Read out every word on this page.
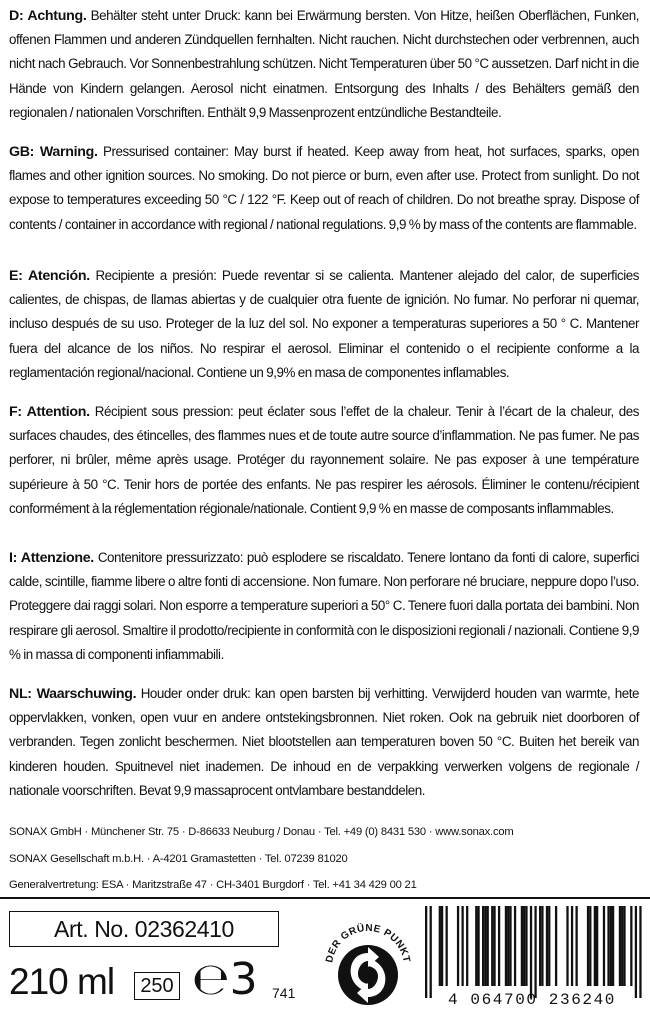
D: Achtung. Behälter steht unter Druck: kann bei Erwärmung bersten. Von Hitze, heißen Oberflächen, Funken, offenen Flammen und anderen Zündquellen fernhalten. Nicht rauchen. Nicht durchstechen oder verbrennen, auch nicht nach Gebrauch. Vor Sonnenbestrahlung schützen. Nicht Temperaturen über 50 °C aussetzen. Darf nicht in die Hände von Kindern gelangen. Aerosol nicht einatmen. Entsorgung des Inhalts / des Behälters gemäß den regionalen / nationalen Vorschriften. Enthält 9,9 Massenprozent entzündliche Bestandteile.
GB: Warning. Pressurised container: May burst if heated. Keep away from heat, hot surfaces, sparks, open flames and other ignition sources. No smoking. Do not pierce or burn, even after use. Protect from sunlight. Do not expose to temperatures exceeding 50 °C / 122 °F. Keep out of reach of children. Do not breathe spray. Dispose of contents / container in accordance with regional / national regulations. 9,9 % by mass of the contents are flammable.
E: Atención. Recipiente a presión: Puede reventar si se calienta. Mantener alejado del calor, de superficies calientes, de chispas, de llamas abiertas y de cualquier otra fuente de ignición. No fumar. No perforar ni quemar, incluso después de su uso. Proteger de la luz del sol. No exponer a temperaturas superiores a 50 ° C. Mantener fuera del alcance de los niños. No respirar el aerosol. Eliminar el contenido o el recipiente conforme a la reglamentación regional/nacional. Contiene un 9,9% en masa de componentes inflamables.
F: Attention. Récipient sous pression: peut éclater sous l’effet de la chaleur. Tenir à l’écart de la chaleur, des surfaces chaudes, des étincelles, des flammes nues et de toute autre source d’inflammation. Ne pas fumer. Ne pas perforer, ni brûler, même après usage. Protéger du rayonnement solaire. Ne pas exposer à une température supérieure à 50 °C. Tenir hors de portée des enfants. Ne pas respirer les aérosols. Éliminer le contenu/récipient conformément à la réglementation régionale/nationale. Contient 9,9 % en masse de composants inflammables.
I: Attenzione. Contenitore pressurizzato: può esplodere se riscaldato. Tenere lontano da fonti di calore, superfici calde, scintille, fiamme libere o altre fonti di accensione. Non fumare. Non perforare né bruciare, neppure dopo l’uso. Proteggere dai raggi solari. Non esporre a temperature superiori a 50° C. Tenere fuori dalla portata dei bambini. Non respirare gli aerosol. Smaltire il prodotto/recipiente in conformità con le disposizioni regionali / nazionali. Contiene 9,9 % in massa di componenti infiammabili.
NL: Waarschuwing. Houder onder druk: kan open barsten bij verhitting. Verwijderd houden van warmte, hete oppervlakken, vonken, open vuur en andere ontstekingsbronnen. Niet roken. Ook na gebruik niet doorboren of verbranden. Tegen zonlicht beschermen. Niet blootstellen aan temperaturen boven 50 °C. Buiten het bereik van kinderen houden. Spuitnevel niet inademen. De inhoud en de verpakking verwerken volgens de regionale / nationale voorschriften. Bevat 9,9 massaprocent ontvlambare bestanddelen.
SONAX GmbH · Münchener Str. 75 · D-86633 Neuburg / Donau · Tel. +49 (0) 8431 530 · www.sonax.com
SONAX Gesellschaft m.b.H. · A-4201 Gramastetten · Tel. 07239 81020
Generalvertretung: ESA · Maritzstraße 47 · CH-3401 Burgdorf · Tel. +41 34 429 00 21
Art. No. 02362410
210 ml	250 ℮3 741
DER GRÜNE PUNKT
4 064700 236240
